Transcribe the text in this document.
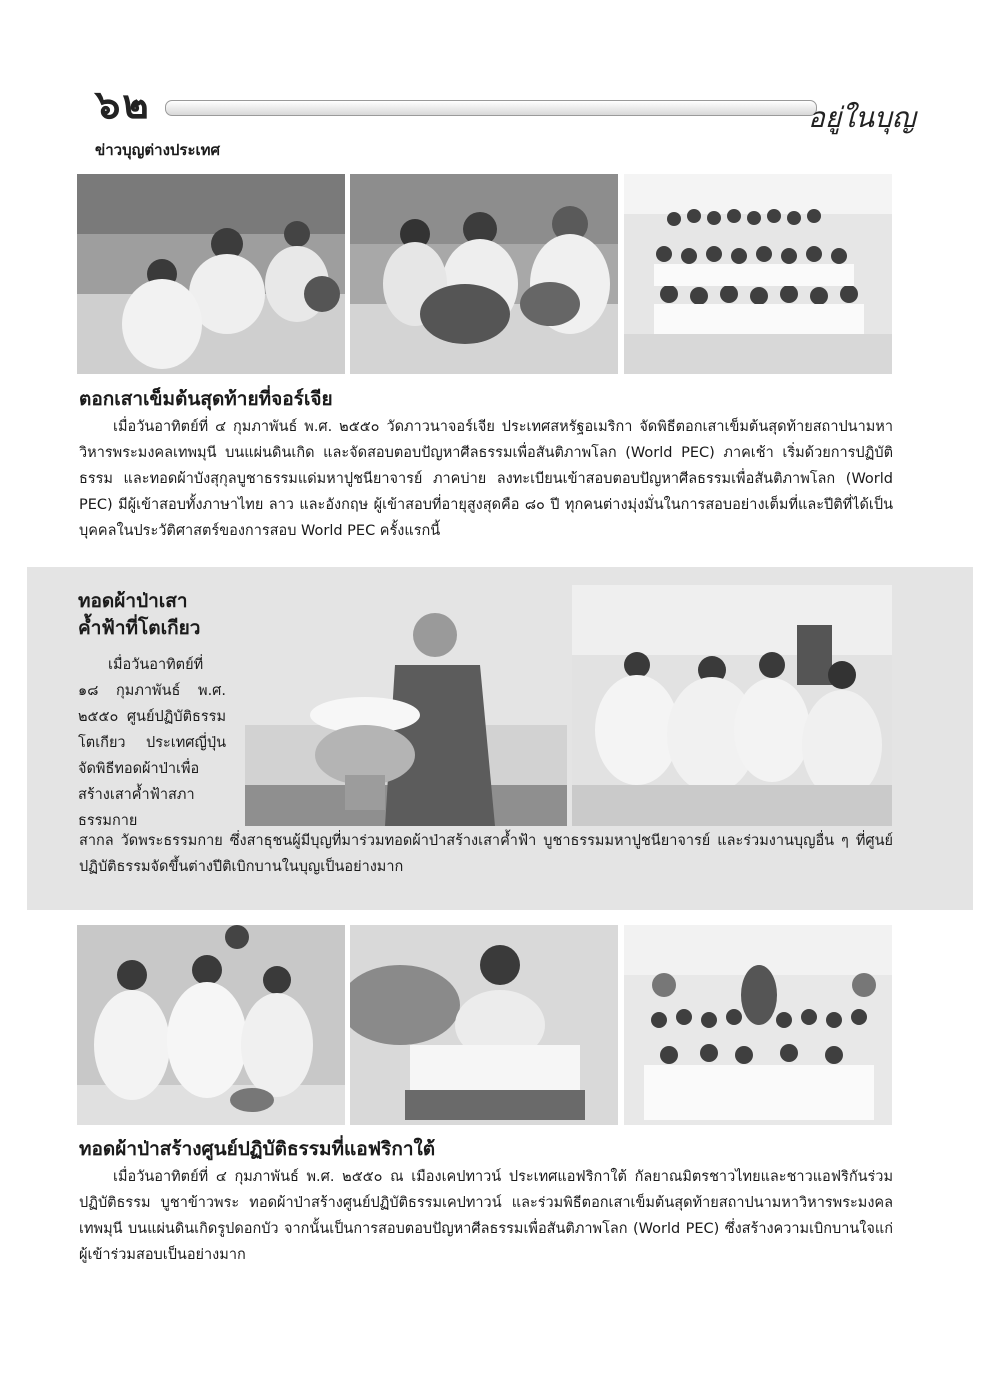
๖๒	อยู่ในบุญ
ข่าวบุญต่างประเทศ
ตอกเสาเข็มต้นสุดท้ายที่จอร์เจีย

เมื่อวันอาทิตย์ที่ ๔ กุมภาพันธ์ พ.ศ. ๒๕๕๐ วัดภาวนาจอร์เจีย ประเทศสหรัฐอเมริกา จัดพิธีตอกเสาเข็มต้นสุดท้ายสถาปนามหาวิหารพระมงคลเทพมุนี บนแผ่นดินเกิด และจัดสอบตอบปัญหาศีลธรรมเพื่อสันติภาพโลก (World PEC) ภาคเช้า เริ่มด้วยการปฏิบัติธรรม และทอดผ้าบังสุกุลบูชาธรรมแด่มหาปูชนียาจารย์ ภาคบ่าย ลงทะเบียนเข้าสอบตอบปัญหาศีลธรรมเพื่อสันติภาพโลก (World PEC) มีผู้เข้าสอบทั้งภาษาไทย ลาว และอังกฤษ ผู้เข้าสอบที่อายุสูงสุดคือ ๘๐ ปี ทุกคนต่างมุ่งมั่นในการสอบอย่างเต็มที่และปีติที่ได้เป็นบุคคลในประวัติศาสตร์ของการสอบ World PEC ครั้งแรกนี้

ทอดผ้าป่าเสาค้ำฟ้าที่โตเกียว

เมื่อวันอาทิตย์ที่ ๑๘ กุมภาพันธ์ พ.ศ. ๒๕๕๐ ศูนย์ปฏิบัติธรรมโตเกียว ประเทศญี่ปุ่น จัดพิธีทอดผ้าป่าเพื่อสร้างเสาค้ำฟ้าสภาธรรมกาย

สากล วัดพระธรรมกาย ซึ่งสาธุชนผู้มีบุญที่มาร่วมทอดผ้าป่าสร้างเสาค้ำฟ้า บูชาธรรมมหาปูชนียาจารย์ และร่วมงานบุญอื่น ๆ ที่ศูนย์ปฏิบัติธรรมจัดขึ้นต่างปีติเบิกบานในบุญเป็นอย่างมาก

ทอดผ้าป่าสร้างศูนย์ปฏิบัติธรรมที่แอฟริกาใต้

เมื่อวันอาทิตย์ที่ ๔ กุมภาพันธ์ พ.ศ. ๒๕๕๐ ณ เมืองเคปทาวน์ ประเทศแอฟริกาใต้ กัลยาณมิตรชาวไทยและชาวแอฟริกันร่วมปฏิบัติธรรม บูชาข้าวพระ ทอดผ้าป่าสร้างศูนย์ปฏิบัติธรรมเคปทาวน์ และร่วมพิธีตอกเสาเข็มต้นสุดท้ายสถาปนามหาวิหารพระมงคลเทพมุนี บนแผ่นดินเกิดรูปดอกบัว จากนั้นเป็นการสอบตอบปัญหาศีลธรรมเพื่อสันติภาพโลก (World PEC) ซึ่งสร้างความเบิกบานใจแก่ผู้เข้าร่วมสอบเป็นอย่างมาก
